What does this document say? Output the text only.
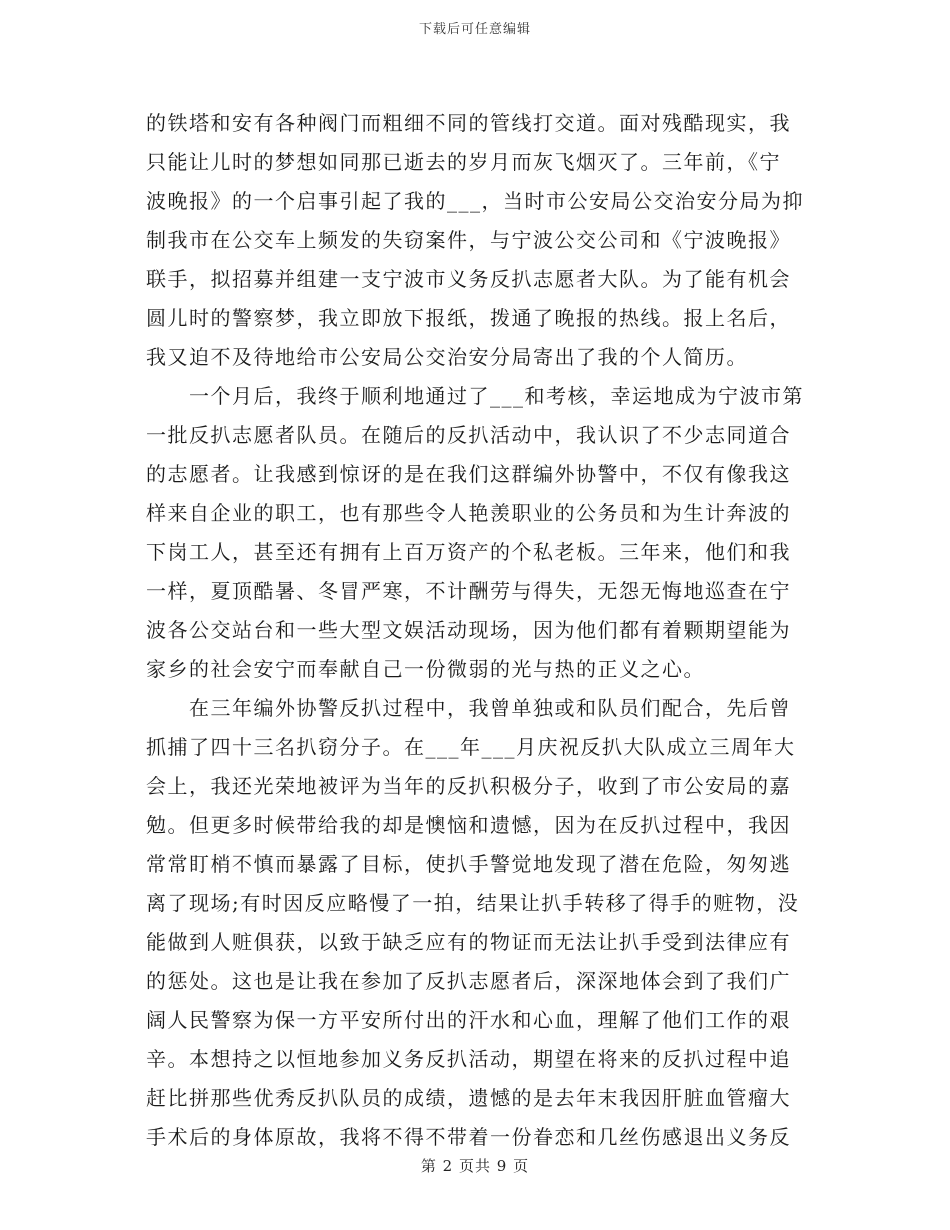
下载后可任意编辑
的铁塔和安有各种阀门而粗细不同的管线打交道。面对残酷现实，我
只能让儿时的梦想如同那已逝去的岁月而灰飞烟灭了。三年前，《宁
波晚报》的一个启事引起了我的___，当时市公安局公交治安分局为抑
制我市在公交车上频发的失窃案件，与宁波公交公司和《宁波晚报》
联手，拟招募并组建一支宁波市义务反扒志愿者大队。为了能有机会
圆儿时的警察梦，我立即放下报纸，拨通了晚报的热线。报上名后，
我又迫不及待地给市公安局公交治安分局寄出了我的个人简历。
一个月后，我终于顺利地通过了___和考核，幸运地成为宁波市第
一批反扒志愿者队员。在随后的反扒活动中，我认识了不少志同道合
的志愿者。让我感到惊讶的是在我们这群编外协警中，不仅有像我这
样来自企业的职工，也有那些令人艳羡职业的公务员和为生计奔波的
下岗工人，甚至还有拥有上百万资产的个私老板。三年来，他们和我
一样，夏顶酷暑、冬冒严寒，不计酬劳与得失，无怨无悔地巡查在宁
波各公交站台和一些大型文娱活动现场，因为他们都有着颗期望能为
家乡的社会安宁而奉献自己一份微弱的光与热的正义之心。
在三年编外协警反扒过程中，我曾单独或和队员们配合，先后曾
抓捕了四十三名扒窃分子。在___年___月庆祝反扒大队成立三周年大
会上，我还光荣地被评为当年的反扒积极分子，收到了市公安局的嘉
勉。但更多时候带给我的却是懊恼和遗憾，因为在反扒过程中，我因
常常盯梢不慎而暴露了目标，使扒手警觉地发现了潜在危险，匆匆逃
离了现场;有时因反应略慢了一拍，结果让扒手转移了得手的赃物，没
能做到人赃俱获，以致于缺乏应有的物证而无法让扒手受到法律应有
的惩处。这也是让我在参加了反扒志愿者后，深深地体会到了我们广
阔人民警察为保一方平安所付出的汗水和心血，理解了他们工作的艰
辛。本想持之以恒地参加义务反扒活动，期望在将来的反扒过程中追
赶比拼那些优秀反扒队员的成绩，遗憾的是去年末我因肝脏血管瘤大
手术后的身体原故，我将不得不带着一份眷恋和几丝伤感退出义务反
第 2 页共 9 页
